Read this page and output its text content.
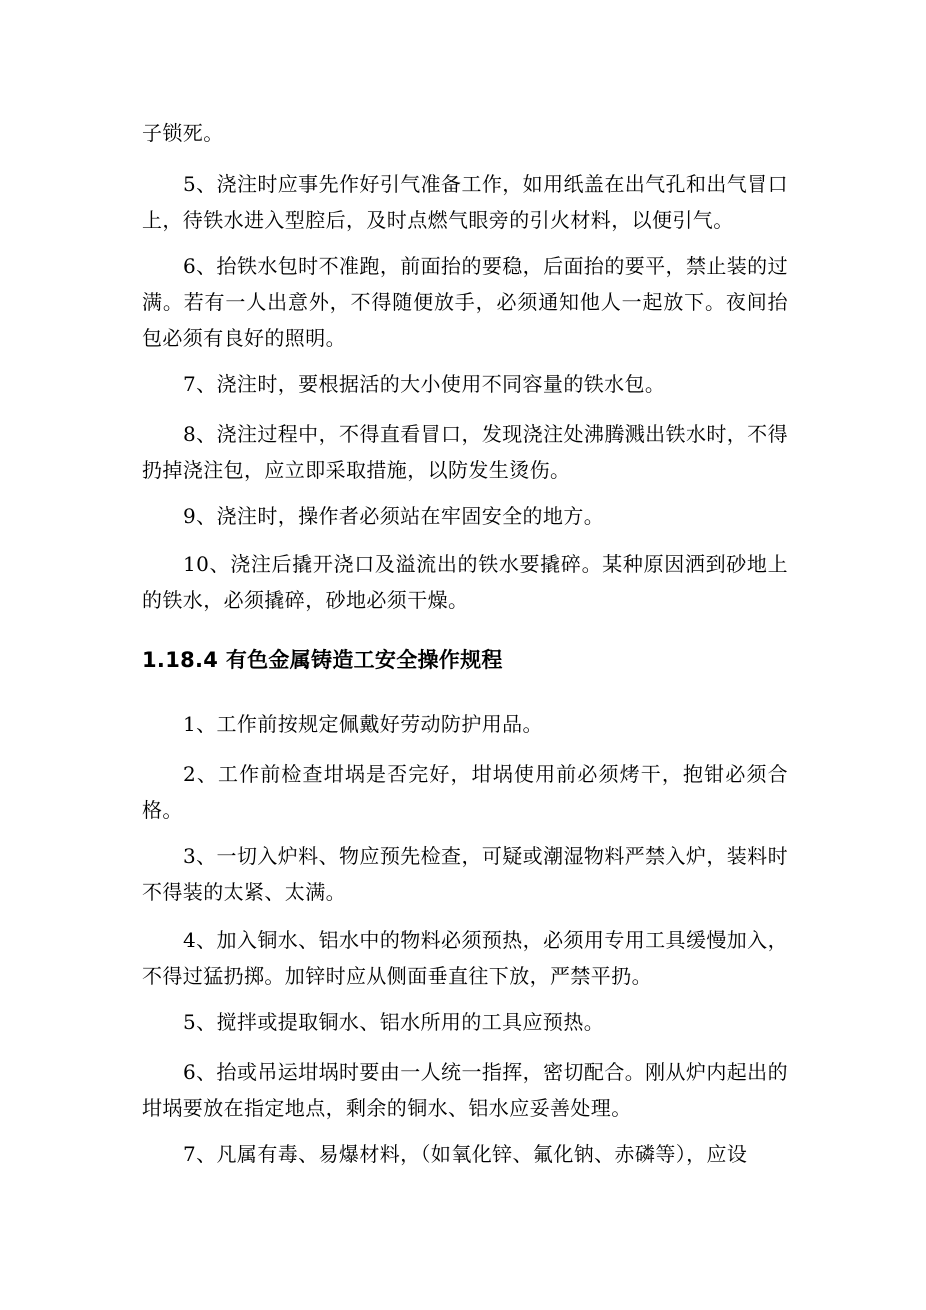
子锁死。

5、浇注时应事先作好引气准备工作，如用纸盖在出气孔和出气冒口上，待铁水进入型腔后，及时点燃气眼旁的引火材料，以便引气。

6、抬铁水包时不准跑，前面抬的要稳，后面抬的要平，禁止装的过满。若有一人出意外，不得随便放手，必须通知他人一起放下。夜间抬包必须有良好的照明。

7、浇注时，要根据活的大小使用不同容量的铁水包。

8、浇注过程中，不得直看冒口，发现浇注处沸腾溅出铁水时，不得扔掉浇注包，应立即采取措施，以防发生烫伤。

9、浇注时，操作者必须站在牢固安全的地方。

10、浇注后撬开浇口及溢流出的铁水要撬碎。某种原因洒到砂地上的铁水，必须撬碎，砂地必须干燥。

1.18.4 有色金属铸造工安全操作规程

1、工作前按规定佩戴好劳动防护用品。

2、工作前检查坩埚是否完好，坩埚使用前必须烤干，抱钳必须合格。

3、一切入炉料、物应预先检查，可疑或潮湿物料严禁入炉，装料时不得装的太紧、太满。

4、加入铜水、铝水中的物料必须预热，必须用专用工具缓慢加入，不得过猛扔掷。加锌时应从侧面垂直往下放，严禁平扔。

5、搅拌或提取铜水、铝水所用的工具应预热。

6、抬或吊运坩埚时要由一人统一指挥，密切配合。刚从炉内起出的坩埚要放在指定地点，剩余的铜水、铝水应妥善处理。

7、凡属有毒、易爆材料，（如氧化锌、氟化钠、赤磷等），应设
